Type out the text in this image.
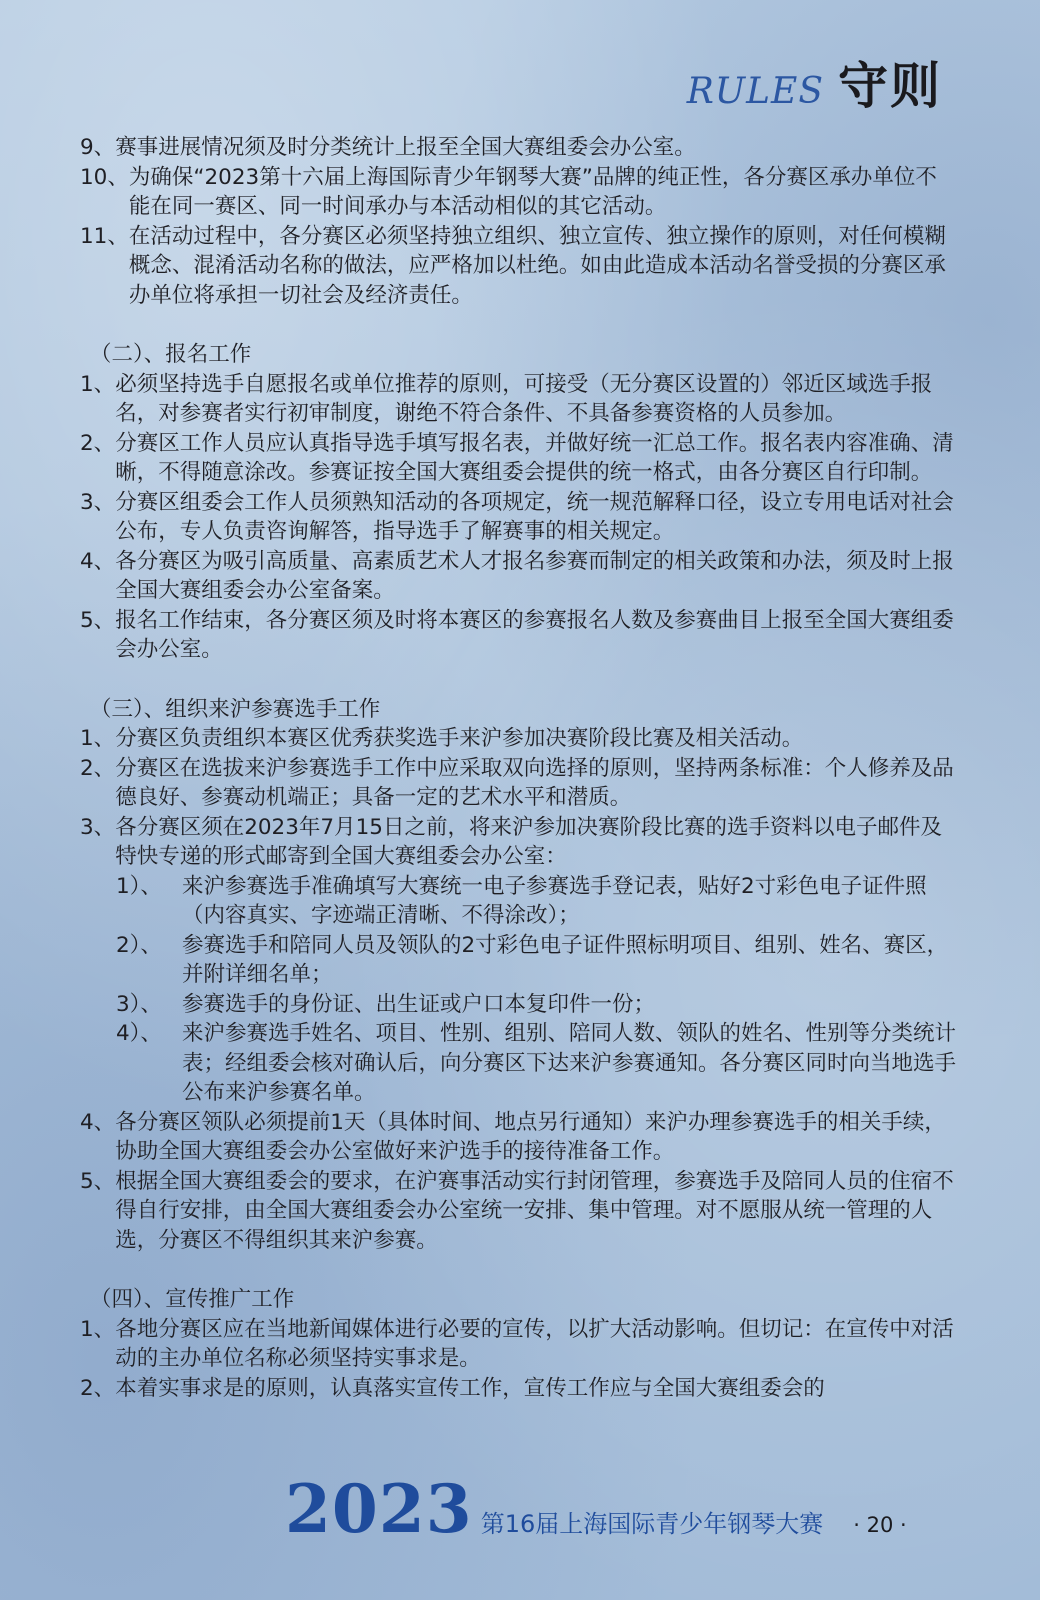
RULES 守则
9、 赛事进展情况须及时分类统计上报至全国大赛组委会办公室。
10、 为确保“2023第十六届上海国际青少年钢琴大赛”品牌的纯正性，各分赛区承办单位不能在同一赛区、同一时间承办与本活动相似的其它活动。
11、 在活动过程中，各分赛区必须坚持独立组织、独立宣传、独立操作的原则，对任何模糊概念、混淆活动名称的做法，应严格加以杜绝。如由此造成本活动名誉受损的分赛区承办单位将承担一切社会及经济责任。
（二）、报名工作
1、 必须坚持选手自愿报名或单位推荐的原则，可接受（无分赛区设置的）邻近区域选手报名，对参赛者实行初审制度，谢绝不符合条件、不具备参赛资格的人员参加。
2、 分赛区工作人员应认真指导选手填写报名表，并做好统一汇总工作。报名表内容准确、清晰，不得随意涂改。参赛证按全国大赛组委会提供的统一格式，由各分赛区自行印制。
3、 分赛区组委会工作人员须熟知活动的各项规定，统一规范解释口径，设立专用电话对社会公布，专人负责咨询解答，指导选手了解赛事的相关规定。
4、 各分赛区为吸引高质量、高素质艺术人才报名参赛而制定的相关政策和办法，须及时上报全国大赛组委会办公室备案。
5、 报名工作结束，各分赛区须及时将本赛区的参赛报名人数及参赛曲目上报至全国大赛组委会办公室。
（三）、组织来沪参赛选手工作
1、 分赛区负责组织本赛区优秀获奖选手来沪参加决赛阶段比赛及相关活动。
2、 分赛区在选拔来沪参赛选手工作中应采取双向选择的原则，坚持两条标准：个人修养及品德良好、参赛动机端正；具备一定的艺术水平和潜质。
3、 各分赛区须在2023年7月15日之前，将来沪参加决赛阶段比赛的选手资料以电子邮件及特快专递的形式邮寄到全国大赛组委会办公室：
1）、 来沪参赛选手准确填写大赛统一电子参赛选手登记表，贴好2寸彩色电子证件照（内容真实、字迹端正清晰、不得涂改）；
2）、 参赛选手和陪同人员及领队的2寸彩色电子证件照标明项目、组别、姓名、赛区，并附详细名单；
3）、 参赛选手的身份证、出生证或户口本复印件一份；
4）、 来沪参赛选手姓名、项目、性别、组别、陪同人数、领队的姓名、性别等分类统计表；经组委会核对确认后，向分赛区下达来沪参赛通知。各分赛区同时向当地选手公布来沪参赛名单。
4、 各分赛区领队必须提前1天（具体时间、地点另行通知）来沪办理参赛选手的相关手续，协助全国大赛组委会办公室做好来沪选手的接待准备工作。
5、 根据全国大赛组委会的要求，在沪赛事活动实行封闭管理，参赛选手及陪同人员的住宿不得自行安排，由全国大赛组委会办公室统一安排、集中管理。对不愿服从统一管理的人选，分赛区不得组织其来沪参赛。
（四）、宣传推广工作
1、 各地分赛区应在当地新闻媒体进行必要的宣传，以扩大活动影响。但切记：在宣传中对活动的主办单位名称必须坚持实事求是。
2、 本着实事求是的原则，认真落实宣传工作，宣传工作应与全国大赛组委会的
2023 第16届上海国际青少年钢琴大赛 · 20 ·
